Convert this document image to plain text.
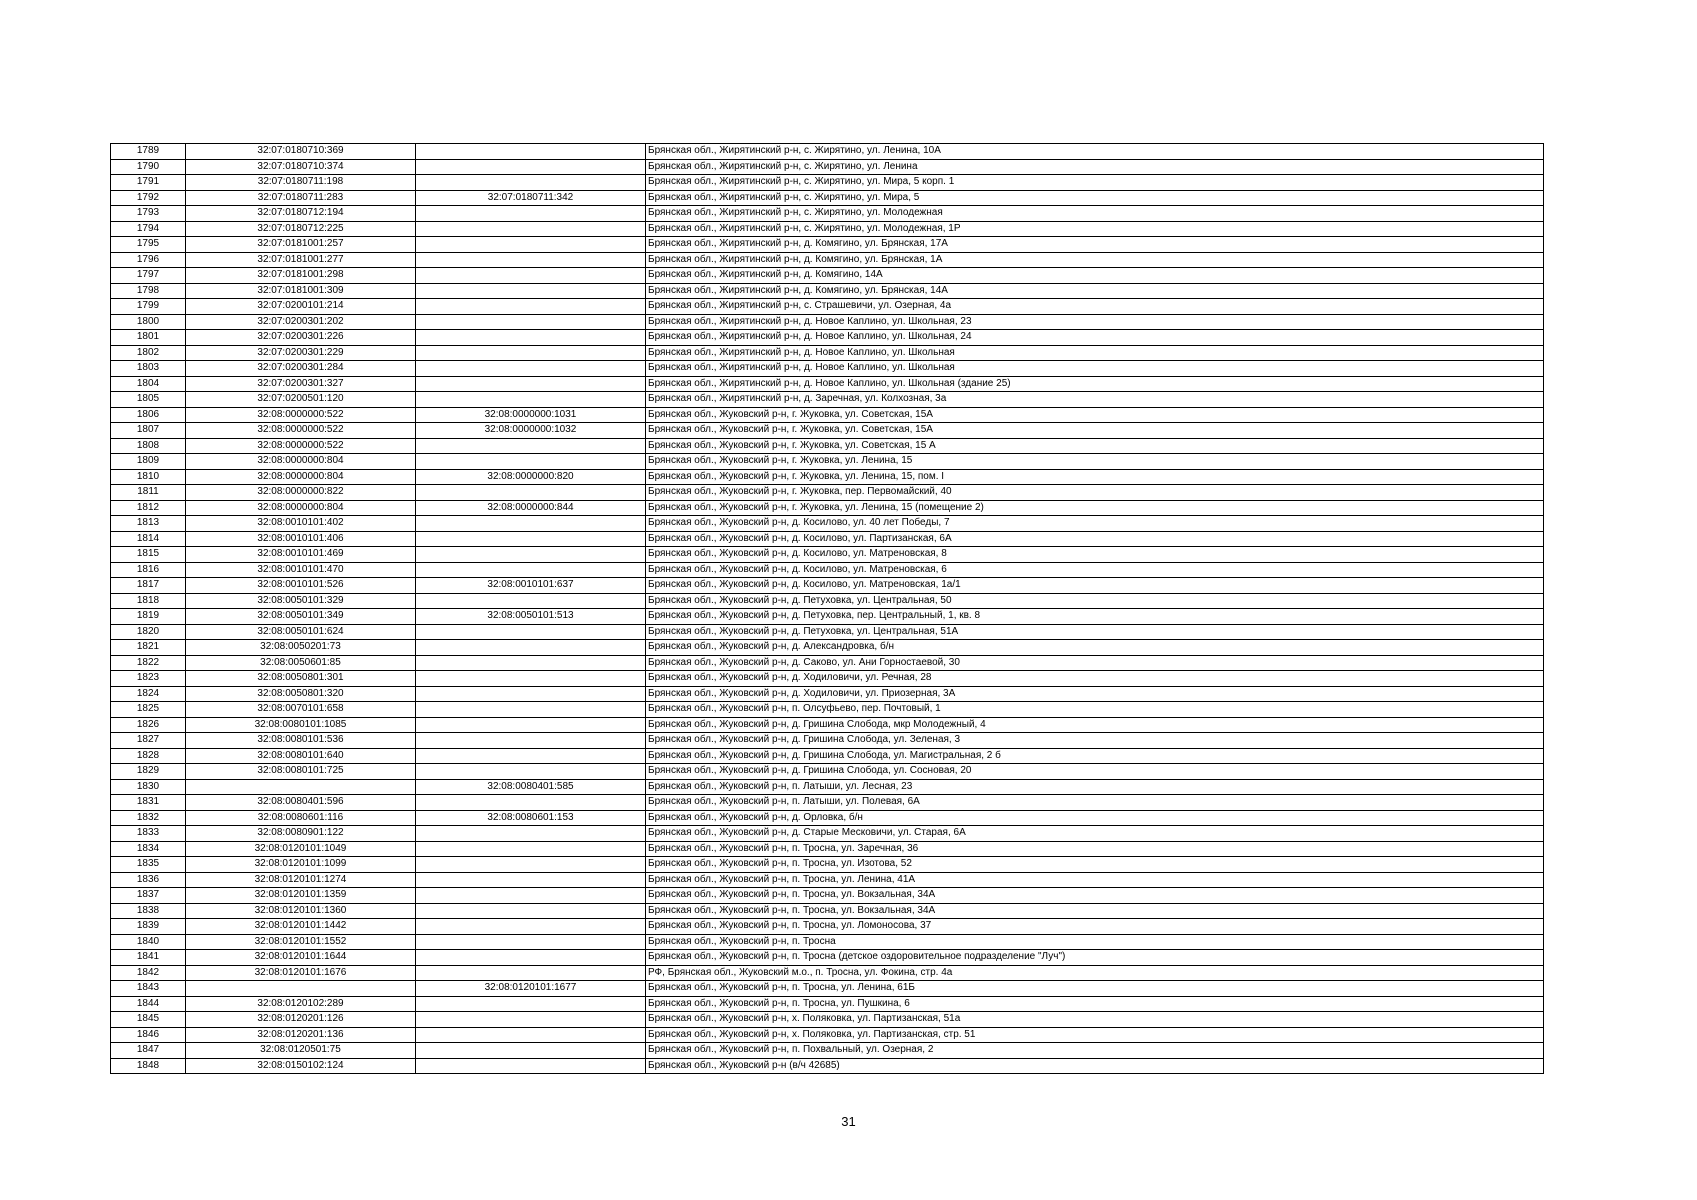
1789	32:07:0180710:369		Брянская обл., Жирятинский р-н, с. Жирятино, ул. Ленина, 10А
1790	32:07:0180710:374		Брянская обл., Жирятинский р-н, с. Жирятино, ул. Ленина
1791	32:07:0180711:198		Брянская обл., Жирятинский р-н, с. Жирятино, ул. Мира, 5 корп. 1
1792	32:07:0180711:283	32:07:0180711:342	Брянская обл., Жирятинский р-н, с. Жирятино, ул. Мира, 5
1793	32:07:0180712:194		Брянская обл., Жирятинский р-н, с. Жирятино, ул. Молодежная
1794	32:07:0180712:225		Брянская обл., Жирятинский р-н, с. Жирятино, ул. Молодежная, 1Р
1795	32:07:0181001:257		Брянская обл., Жирятинский р-н, д. Комягино, ул. Брянская, 17А
1796	32:07:0181001:277		Брянская обл., Жирятинский р-н, д. Комягино, ул. Брянская, 1А
1797	32:07:0181001:298		Брянская обл., Жирятинский р-н, д. Комягино, 14А
1798	32:07:0181001:309		Брянская обл., Жирятинский р-н, д. Комягино, ул. Брянская, 14А
1799	32:07:0200101:214		Брянская обл., Жирятинский р-н, с. Страшевичи, ул. Озерная, 4а
1800	32:07:0200301:202		Брянская обл., Жирятинский р-н, д. Новое Каплино, ул. Школьная, 23
1801	32:07:0200301:226		Брянская обл., Жирятинский р-н, д. Новое Каплино, ул. Школьная, 24
1802	32:07:0200301:229		Брянская обл., Жирятинский р-н, д. Новое Каплино, ул. Школьная
1803	32:07:0200301:284		Брянская обл., Жирятинский р-н, д. Новое Каплино, ул. Школьная
1804	32:07:0200301:327		Брянская обл., Жирятинский р-н, д. Новое Каплино, ул. Школьная (здание 25)
1805	32:07:0200501:120		Брянская обл., Жирятинский р-н, д. Заречная, ул. Колхозная, 3а
1806	32:08:0000000:522	32:08:0000000:1031	Брянская обл., Жуковский р-н, г. Жуковка, ул. Советская, 15А
1807	32:08:0000000:522	32:08:0000000:1032	Брянская обл., Жуковский р-н, г. Жуковка, ул. Советская, 15А
1808	32:08:0000000:522		Брянская обл., Жуковский р-н, г. Жуковка, ул. Советская, 15 А
1809	32:08:0000000:804		Брянская обл., Жуковский р-н, г. Жуковка, ул. Ленина, 15
1810	32:08:0000000:804	32:08:0000000:820	Брянская обл., Жуковский р-н, г. Жуковка, ул. Ленина, 15, пом. I
1811	32:08:0000000:822		Брянская обл., Жуковский р-н, г. Жуковка, пер. Первомайский, 40
1812	32:08:0000000:804	32:08:0000000:844	Брянская обл., Жуковский р-н, г. Жуковка, ул. Ленина, 15 (помещение 2)
1813	32:08:0010101:402		Брянская обл., Жуковский р-н, д. Косилово, ул. 40 лет Победы, 7
1814	32:08:0010101:406		Брянская обл., Жуковский р-н, д. Косилово, ул. Партизанская, 6А
1815	32:08:0010101:469		Брянская обл., Жуковский р-н, д. Косилово, ул. Матреновская, 8
1816	32:08:0010101:470		Брянская обл., Жуковский р-н, д. Косилово, ул. Матреновская, 6
1817	32:08:0010101:526	32:08:0010101:637	Брянская обл., Жуковский р-н, д. Косилово, ул. Матреновская, 1а/1
1818	32:08:0050101:329		Брянская обл., Жуковский р-н, д. Петуховка, ул. Центральная, 50
1819	32:08:0050101:349	32:08:0050101:513	Брянская обл., Жуковский р-н, д. Петуховка, пер. Центральный, 1, кв. 8
1820	32:08:0050101:624		Брянская обл., Жуковский р-н, д. Петуховка, ул. Центральная, 51А
1821	32:08:0050201:73		Брянская обл., Жуковский р-н, д. Александровка, б/н
1822	32:08:0050601:85		Брянская обл., Жуковский р-н, д. Саково, ул. Ани Горностаевой, 30
1823	32:08:0050801:301		Брянская обл., Жуковский р-н, д. Ходиловичи, ул. Речная, 28
1824	32:08:0050801:320		Брянская обл., Жуковский р-н, д. Ходиловичи, ул. Приозерная, 3А
1825	32:08:0070101:658		Брянская обл., Жуковский р-н, п. Олсуфьево, пер. Почтовый, 1
1826	32:08:0080101:1085		Брянская обл., Жуковский р-н, д. Гришина Слобода, мкр Молодежный, 4
1827	32:08:0080101:536		Брянская обл., Жуковский р-н, д. Гришина Слобода, ул. Зеленая, 3
1828	32:08:0080101:640		Брянская обл., Жуковский р-н, д. Гришина Слобода, ул. Магистральная, 2 б
1829	32:08:0080101:725		Брянская обл., Жуковский р-н, д. Гришина Слобода, ул. Сосновая, 20
1830		32:08:0080401:585	Брянская обл., Жуковский р-н, п. Латыши, ул. Лесная, 23
1831	32:08:0080401:596		Брянская обл., Жуковский р-н, п. Латыши, ул. Полевая, 6А
1832	32:08:0080601:116	32:08:0080601:153	Брянская обл., Жуковский р-н, д. Орловка, б/н
1833	32:08:0080901:122		Брянская обл., Жуковский р-н, д. Старые Месковичи, ул. Старая, 6А
1834	32:08:0120101:1049		Брянская обл., Жуковский р-н, п. Тросна, ул. Заречная, 36
1835	32:08:0120101:1099		Брянская обл., Жуковский р-н, п. Тросна, ул. Изотова, 52
1836	32:08:0120101:1274		Брянская обл., Жуковский р-н, п. Тросна, ул. Ленина, 41А
1837	32:08:0120101:1359		Брянская обл., Жуковский р-н, п. Тросна, ул. Вокзальная, 34А
1838	32:08:0120101:1360		Брянская обл., Жуковский р-н, п. Тросна, ул. Вокзальная, 34А
1839	32:08:0120101:1442		Брянская обл., Жуковский р-н, п. Тросна, ул. Ломоносова, 37
1840	32:08:0120101:1552		Брянская обл., Жуковский р-н, п. Тросна
1841	32:08:0120101:1644		Брянская обл., Жуковский р-н, п. Тросна (детское оздоровительное подразделение "Луч")
1842	32:08:0120101:1676		РФ, Брянская обл., Жуковский м.о., п. Тросна, ул. Фокина, стр. 4а
1843		32:08:0120101:1677	Брянская обл., Жуковский р-н, п. Тросна, ул. Ленина, 61Б
1844	32:08:0120102:289		Брянская обл., Жуковский р-н, п. Тросна, ул. Пушкина, 6
1845	32:08:0120201:126		Брянская обл., Жуковский р-н, х. Поляковка, ул. Партизанская, 51а
1846	32:08:0120201:136		Брянская обл., Жуковский р-н, х. Поляковка, ул. Партизанская, стр. 51
1847	32:08:0120501:75		Брянская обл., Жуковский р-н, п. Похвальный, ул. Озерная, 2
1848	32:08:0150102:124		Брянская обл., Жуковский р-н (в/ч 42685)
31
